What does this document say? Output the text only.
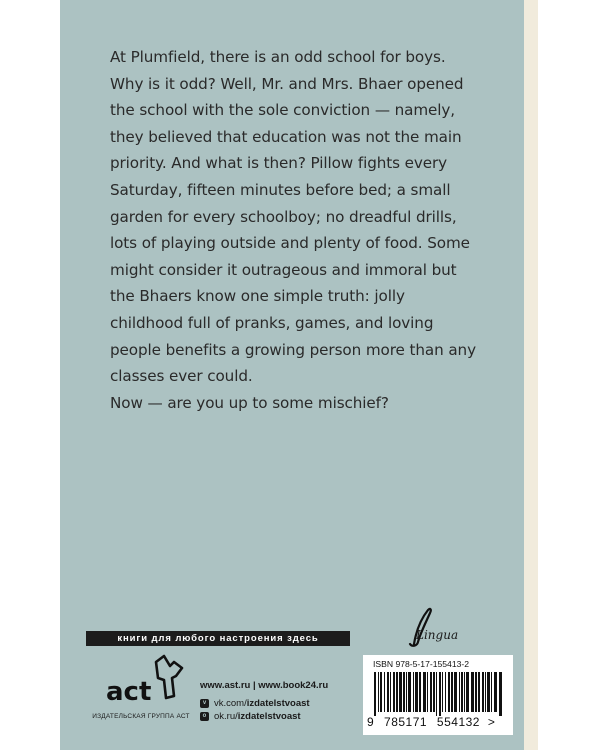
At Plumfield, there is an odd school for boys. Why is it odd? Well, Mr. and Mrs. Bhaer opened the school with the sole conviction — namely, they believed that education was not the main priority. And what is then? Pillow fights every Saturday, fifteen minutes before bed; a small garden for every schoolboy; no dreadful drills, lots of playing outside and plenty of food. Some might consider it outrageous and immoral but the Bhaers know one simple truth: jolly childhood full of pranks, games, and loving people benefits a growing person more than any classes ever could.

Now — are you up to some mischief?

книги для любого настроения здесь
act
ИЗДАТЕЛЬСКАЯ ГРУППА АСТ
www.ast.ru | www.book24.ru
v vk.com/ izdatelstvoast
o ok.ru/ izdatelstvoast
Lingua
ISBN 978-5-17-155413-2
9 785171 554132 >
